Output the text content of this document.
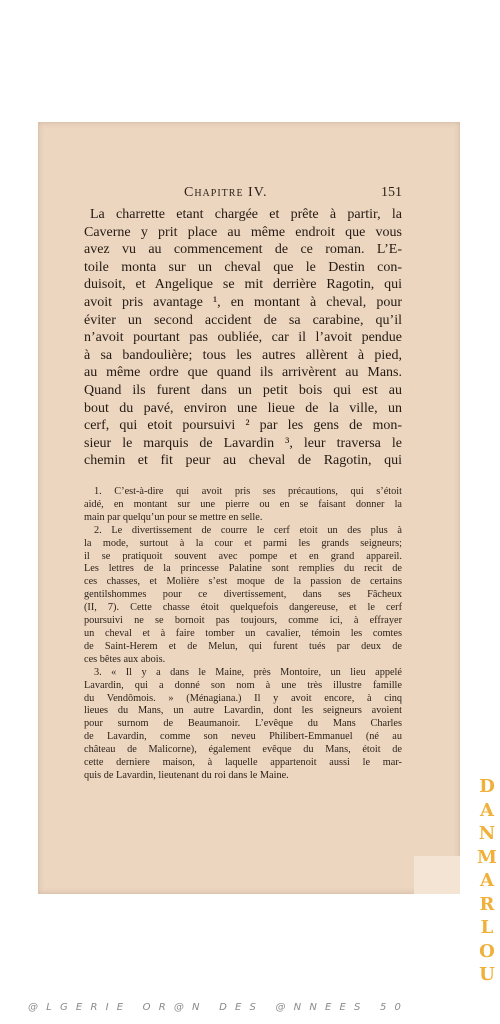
Chapitre IV.	151
La charrette etant chargée et prête à partir, la
Caverne y prit place au même endroit que vous
avez vu au commencement de ce roman. L’E-
toile monta sur un cheval que le Destin con-
duisoit, et Angelique se mit derrière Ragotin, qui
avoit pris avantage ¹, en montant à cheval, pour
éviter un second accident de sa carabine, qu’il
n’avoit pourtant pas oubliée, car il l’avoit pendue
à sa bandoulière; tous les autres allèrent à pied,
au même ordre que quand ils arrivèrent au Mans.
Quand ils furent dans un petit bois qui est au
bout du pavé, environ une lieue de la ville, un
cerf, qui etoit poursuivi ² par les gens de mon-
sieur le marquis de Lavardin ³, leur traversa le
chemin et fit peur au cheval de Ragotin, qui
1. C’est-à-dire qui avoit pris ses précautions, qui s’étoit
aidé, en montant sur une pierre ou en se faisant donner la
main par quelqu’un pour se mettre en selle.
2. Le divertissement de courre le cerf etoit un des plus à
la mode, surtout à la cour et parmi les grands seigneurs;
il se pratiquoit souvent avec pompe et en grand appareil.
Les lettres de la princesse Palatine sont remplies du recit de
ces chasses, et Molière s’est moque de la passion de certains
gentilshommes pour ce divertissement, dans ses Fâcheux
(II, 7). Cette chasse étoit quelquefois dangereuse, et le cerf
poursuivi ne se bornoit pas toujours, comme ici, à effrayer
un cheval et à faire tomber un cavalier, témoin les comtes
de Saint-Herem et de Melun, qui furent tués par deux de
ces bêtes aux abois.
3. « Il y a dans le Maine, près Montoire, un lieu appelé
Lavardin, qui a donné son nom à une très illustre famille
du Vendômois. » (Ménagiana.) Il y avoit encore, à cinq
lieues du Mans, un autre Lavardin, dont les seigneurs avoient
pour surnom de Beaumanoir. L’evêque du Mans Charles
de Lavardin, comme son neveu Philibert-Emmanuel (né au
château de Malicorne), également evêque du Mans, étoit de
cette derniere maison, à laquelle appartenoit aussi le mar-
quis de Lavardin, lieutenant du roi dans le Maine.
D
A
N
M
A
R
L
O
U
@LGERIE OR@N DES @NNEES 50
